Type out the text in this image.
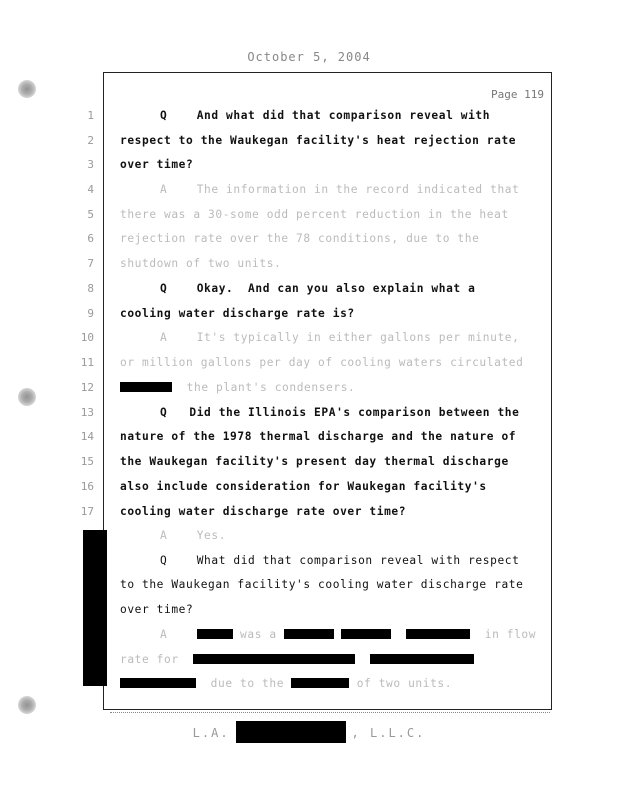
October 5, 2004
Page 119
1
2
3
4
5
6
7
8
9
10
11
12
13
14
15
16
17
Q	And what did that comparison reveal with
respect to the Waukegan facility's heat rejection rate
over time?
A	The information in the record indicated that
there was a 30-some odd percent reduction in the heat
rejection rate over the 78 conditions, due to the
shutdown of two units.
Q	Okay.  And can you also explain what a
cooling water discharge rate is?
A	It's typically in either gallons per minute,
or million gallons per day of cooling waters circulated
the plant's condensers.
Q Did the Illinois EPA's comparison between the
nature of the 1978 thermal discharge and the nature of
the Waukegan facility's present day thermal discharge
also include consideration for Waukegan facility's
cooling water discharge rate over time?
A	Yes.
Q	What did that comparison reveal with respect
to the Waukegan facility's cooling water discharge rate
over time?
A	was a	in flow
rate for
due to the	of two units.
L.A.	, L.L.C.
